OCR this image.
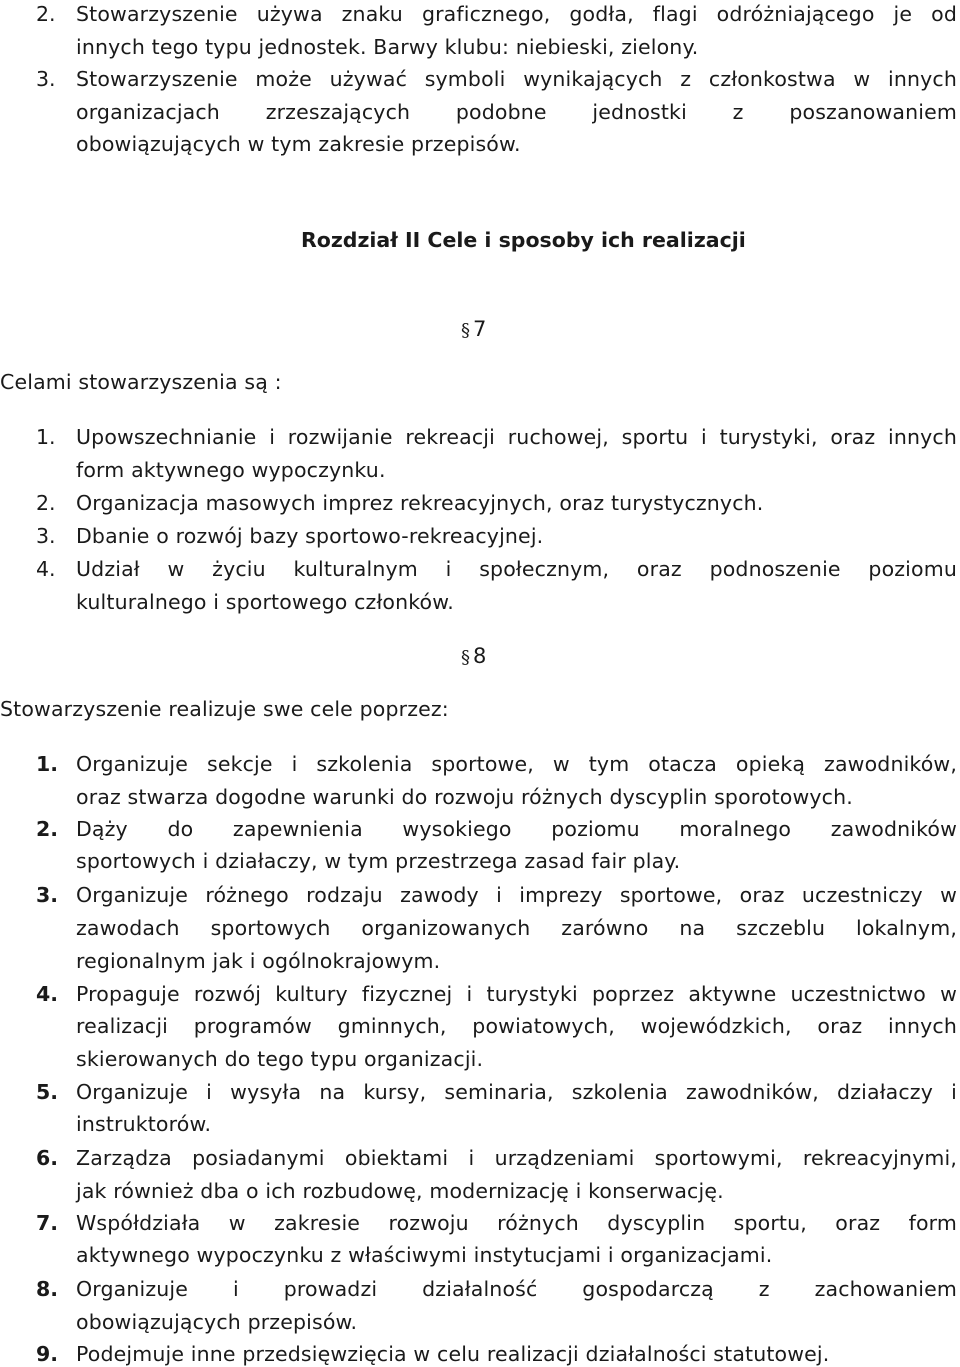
2. Stowarzyszenie używa znaku graficznego, godła, flagi odróżniającego je od
innych tego typu jednostek. Barwy klubu: niebieski, zielony.
3. Stowarzyszenie może używać symboli wynikających z członkostwa w innych
organizacjach zrzeszających podobne jednostki z poszanowaniem
obowiązujących w tym zakresie przepisów.
Rozdział II Cele i sposoby ich realizacji
§ 7
Celami stowarzyszenia są :
1. Upowszechnianie i rozwijanie rekreacji ruchowej, sportu i turystyki, oraz innych
form aktywnego wypoczynku.
2. Organizacja masowych imprez rekreacyjnych, oraz turystycznych.
3. Dbanie o rozwój bazy sportowo-rekreacyjnej.
4. Udział w życiu kulturalnym i społecznym, oraz podnoszenie poziomu
kulturalnego i sportowego członków.
§ 8
Stowarzyszenie realizuje swe cele poprzez:
1. Organizuje sekcje i szkolenia sportowe, w tym otacza opieką zawodników,
oraz stwarza dogodne warunki do rozwoju różnych dyscyplin sporotowych.
2. Dąży do zapewnienia wysokiego poziomu moralnego zawodników
sportowych i działaczy, w tym przestrzega zasad fair play.
3. Organizuje różnego rodzaju zawody i imprezy sportowe, oraz uczestniczy w
zawodach sportowych organizowanych zarówno na szczeblu lokalnym,
regionalnym jak i ogólnokrajowym.
4. Propaguje rozwój kultury fizycznej i turystyki poprzez aktywne uczestnictwo w
realizacji programów gminnych, powiatowych, wojewódzkich, oraz innych
skierowanych do tego typu organizacji.
5. Organizuje i wysyła na kursy, seminaria, szkolenia zawodników, działaczy i
instruktorów.
6. Zarządza posiadanymi obiektami i urządzeniami sportowymi, rekreacyjnymi,
jak również dba o ich rozbudowę, modernizację i konserwację.
7. Współdziała w zakresie rozwoju różnych dyscyplin sportu, oraz form
aktywnego wypoczynku z właściwymi instytucjami i organizacjami.
8. Organizuje i prowadzi działalność gospodarczą z zachowaniem
obowiązujących przepisów.
9. Podejmuje inne przedsięwzięcia w celu realizacji działalności statutowej.
